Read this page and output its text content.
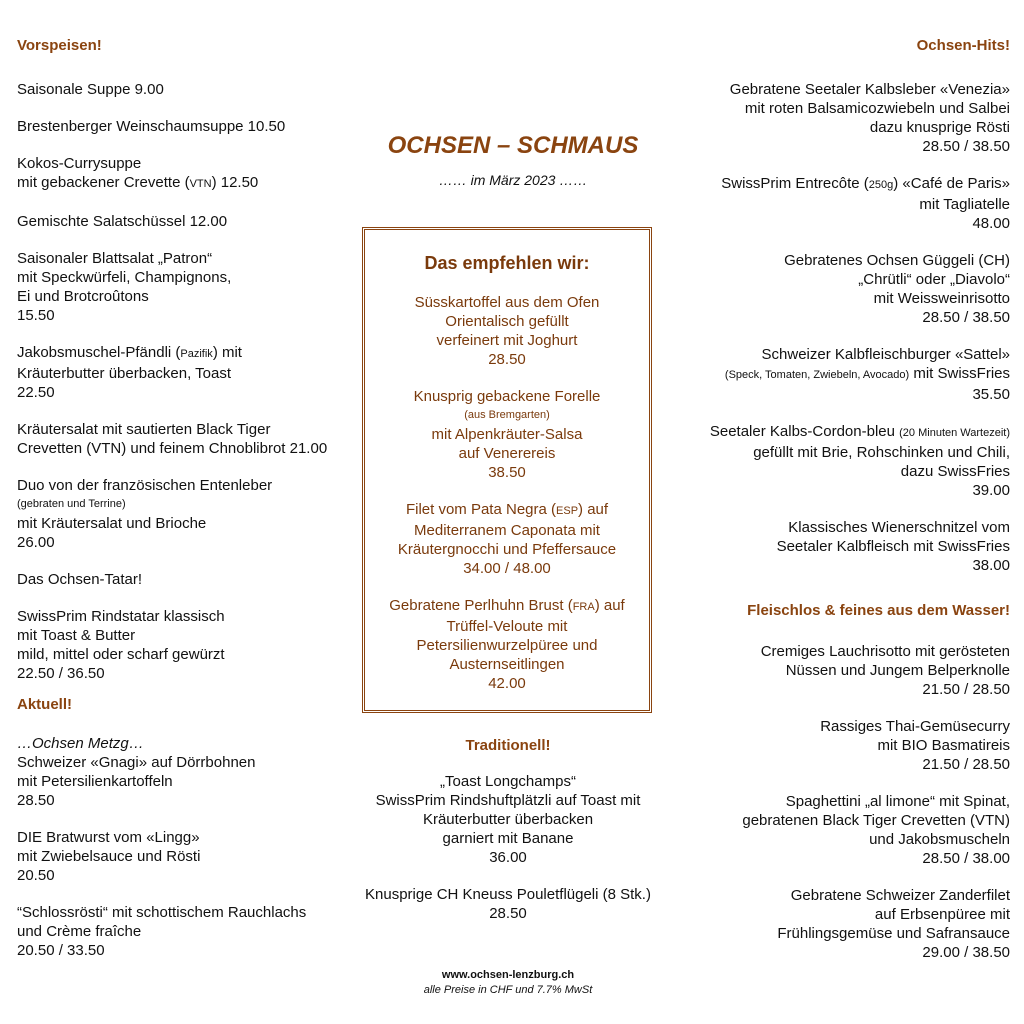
Vorspeisen!
Saisonale Suppe 9.00
Brestenberger Weinschaumsuppe 10.50
Kokos-Currysuppe
mit gebackener Crevette (VTN) 12.50
Gemischte Salatschüssel 12.00
Saisonaler Blattsalat „Patron“
mit Speckwürfeli, Champignons,
Ei und Brotcroûtons
15.50
Jakobsmuschel-Pfändli (Pazifik) mit
Kräuterbutter überbacken, Toast
22.50
Kräutersalat mit sautierten Black Tiger
Crevetten (VTN) und feinem Chnoblibrot 21.00
Duo von der französischen Entenleber
(gebraten und Terrine)
mit Kräutersalat und Brioche
26.00
Das Ochsen-Tatar!
SwissPrim Rindstatar klassisch
mit Toast & Butter
mild, mittel oder scharf gewürzt
22.50 / 36.50
Aktuell!
…Ochsen Metzg…
Schweizer «Gnagi» auf Dörrbohnen
mit Petersilienkartoffeln
28.50
DIE Bratwurst vom «Lingg»
mit Zwiebelsauce und Rösti
20.50
“Schlossrösti“ mit schottischem Rauchlachs
und Crème fraîche
20.50 / 33.50
OCHSEN – SCHMAUS
…… im März 2023 ……
Das empfehlen wir:
Süsskartoffel aus dem Ofen
Orientalisch gefüllt
verfeinert mit Joghurt
28.50
Knusprig gebackene Forelle
(aus Bremgarten)
mit Alpenkräuter-Salsa
auf Venerereis
38.50
Filet vom Pata Negra (ESP) auf
Mediterranem Caponata mit
Kräutergnocchi und Pfeffersauce
34.00 / 48.00
Gebratene Perlhuhn Brust (FRA) auf
Trüffel-Veloute mit
Petersilienwurzelpüree und
Austernseitlingen
42.00
Traditionell!
„Toast Longchamps“
SwissPrim Rindshuftplätzli auf Toast mit
Kräuterbutter überbacken
garniert mit Banane
36.00
Knusprige CH Kneuss Pouletflügeli (8 Stk.)
28.50
www.ochsen-lenzburg.ch
alle Preise in CHF und 7.7% MwSt
Ochsen-Hits!
Gebratene Seetaler Kalbsleber «Venezia»
mit roten Balsamicozwiebeln und Salbei
dazu knusprige Rösti
28.50 / 38.50
SwissPrim Entrecôte (250g) «Café de Paris»
mit Tagliatelle
48.00
Gebratenes Ochsen Güggeli (CH)
„Chrütli“ oder „Diavolo“
mit Weissweinrisotto
28.50 / 38.50
Schweizer Kalbfleischburger «Sattel»
(Speck, Tomaten, Zwiebeln, Avocado) mit SwissFries
35.50
Seetaler Kalbs-Cordon-bleu (20 Minuten Wartezeit)
gefüllt mit Brie, Rohschinken und Chili,
dazu SwissFries
39.00
Klassisches Wienerschnitzel vom
Seetaler Kalbfleisch mit SwissFries
38.00
Fleischlos & feines aus dem Wasser!
Cremiges Lauchrisotto mit gerösteten
Nüssen und Jungem Belperknolle
21.50 / 28.50
Rassiges Thai-Gemüsecurry
mit BIO Basmatireis
21.50 / 28.50
Spaghettini „al limone“ mit Spinat,
gebratenen Black Tiger Crevetten (VTN)
und Jakobsmuscheln
28.50 / 38.00
Gebratene Schweizer Zanderfilet
auf Erbsenpüree mit
Frühlingsgemüse und Safransauce
29.00 / 38.50
